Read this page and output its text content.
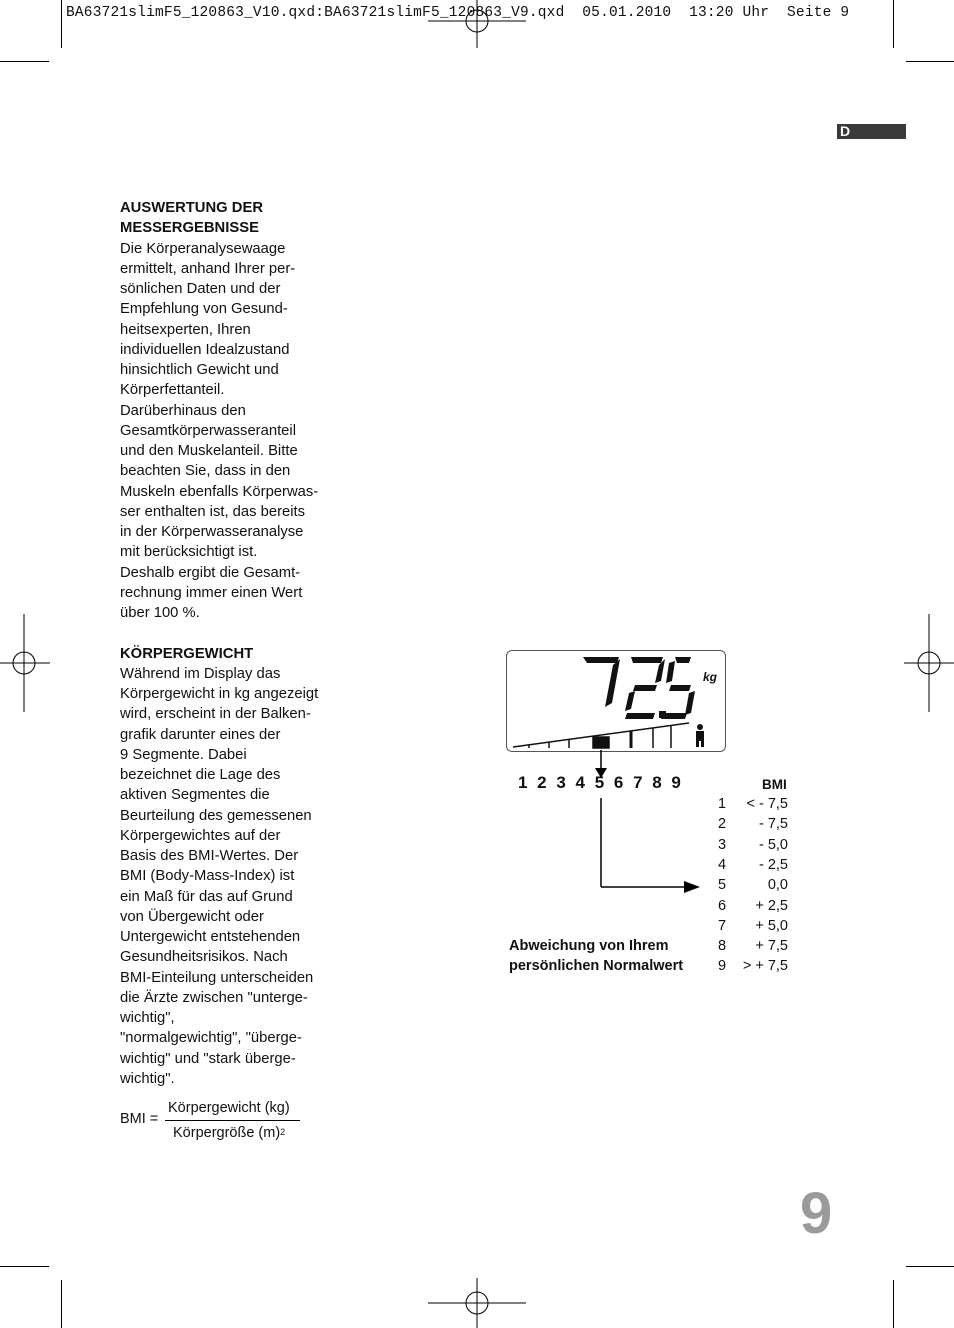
BA63721slimF5_120863_V10.qxd:BA63721slimF5_120863_V9.qxd  05.01.2010  13:20 Uhr  Seite 9
D
AUSWERTUNG DER
MESSERGEBNISSE
Die Körperanalysewaage
ermittelt, anhand Ihrer per-
sönlichen Daten und der
Empfehlung von Gesund-
heitsexperten, Ihren
individuellen Idealzustand
hinsichtlich Gewicht und
Körperfettanteil.
Darüberhinaus den
Gesamtkörperwasseranteil
und den Muskelanteil. Bitte
beachten Sie, dass in den
Muskeln ebenfalls Körperwas-
ser enthalten ist, das bereits
in der Körperwasseranalyse
mit berücksichtigt ist.
Deshalb ergibt die Gesamt-
rechnung immer einen Wert
über 100 %.
KÖRPERGEWICHT
Während im Display das
Körpergewicht in kg angezeigt
wird, erscheint in der Balken-
grafik darunter eines der
9 Segmente. Dabei
bezeichnet die Lage des
aktiven Segmentes die
Beurteilung des gemessenen
Körpergewichtes auf der
Basis des BMI-Wertes. Der
BMI (Body-Mass-Index) ist
ein Maß für das auf Grund
von Übergewicht oder
Untergewicht entstehenden
Gesundheitsrisikos. Nach
BMI-Einteilung unterscheiden
die Ärzte zwischen "unterge-
wichtig",
"normalgewichtig", "überge-
wichtig" und "stark überge-
wichtig".
BMI =
Körpergewicht (kg)
Körpergröße $(m)^2$
kg
1 2 3 4 5 6 7 8 9	BMI
1 < - 7,5
2 - 7,5
3 - 5,0
4 - 2,5
5	0,0
6 + 2,5
7 + 5,0
8 + 7,5
9 > + 7,5
Abweichung von Ihrem
persönlichen Normalwert
9
